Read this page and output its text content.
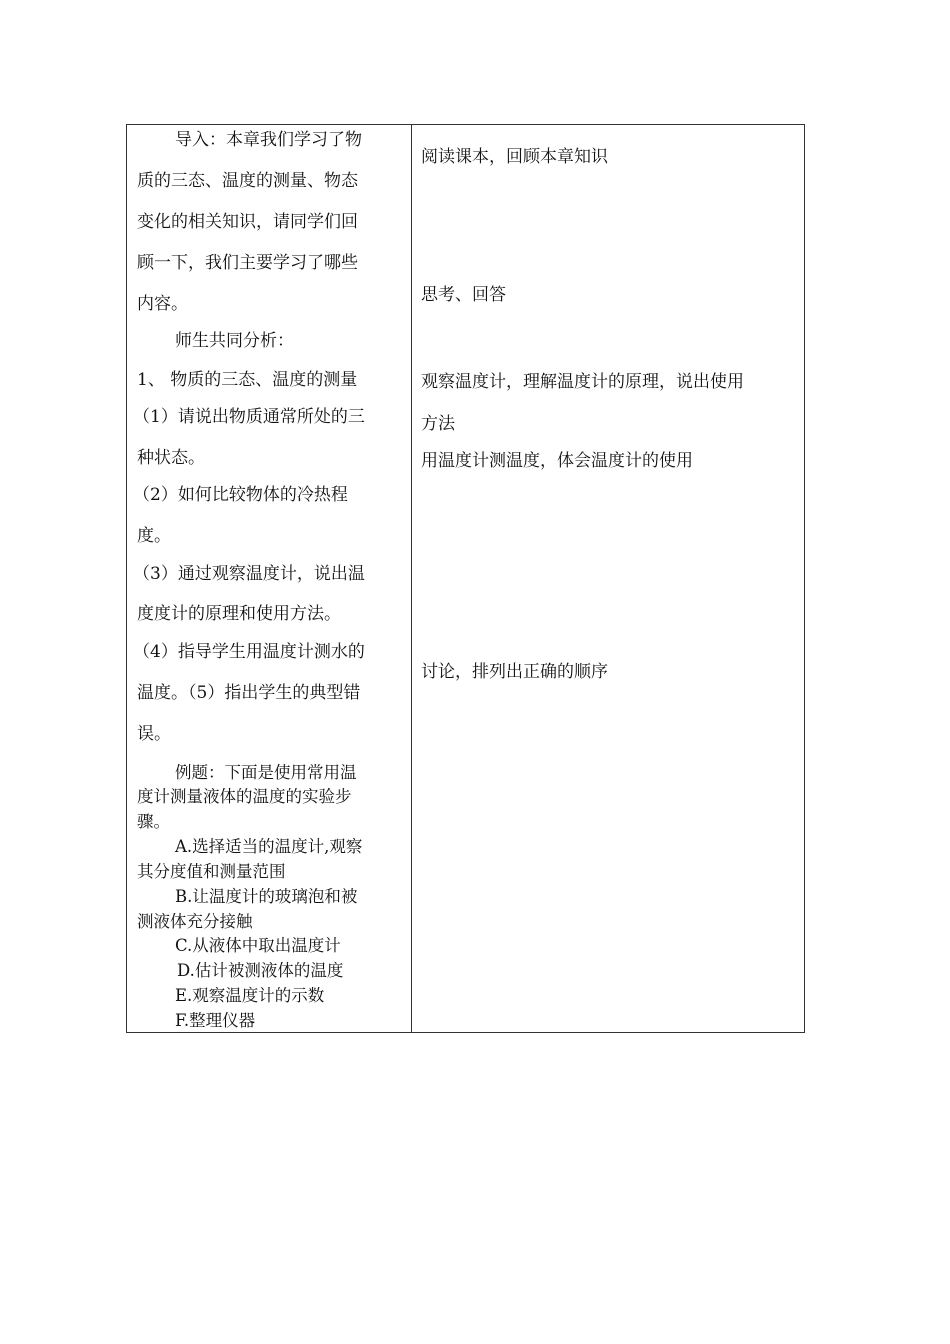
导入：本章我们学习了物
质的三态、温度的测量、物态
变化的相关知识，请同学们回
顾一下，我们主要学习了哪些
内容。
师生共同分析：
1、 物质的三态、温度的测量
（1）请说出物质通常所处的三
种状态。
（2）如何比较物体的冷热程
度。
（3）通过观察温度计，说出温
度度计的原理和使用方法。
（4）指导学生用温度计测水的
温度。（5）指出学生的典型错
误。
例题：下面是使用常用温
度计测量液体的温度的实验步
骤。
A.选择适当的温度计,观察
其分度值和测量范围
B.让温度计的玻璃泡和被
测液体充分接触
C.从液体中取出温度计
D.估计被测液体的温度
E.观察温度计的示数
F.整理仪器
阅读课本，回顾本章知识
思考、回答
观察温度计，理解温度计的原理，说出使用
方法
用温度计测温度，体会温度计的使用
讨论，排列出正确的顺序
